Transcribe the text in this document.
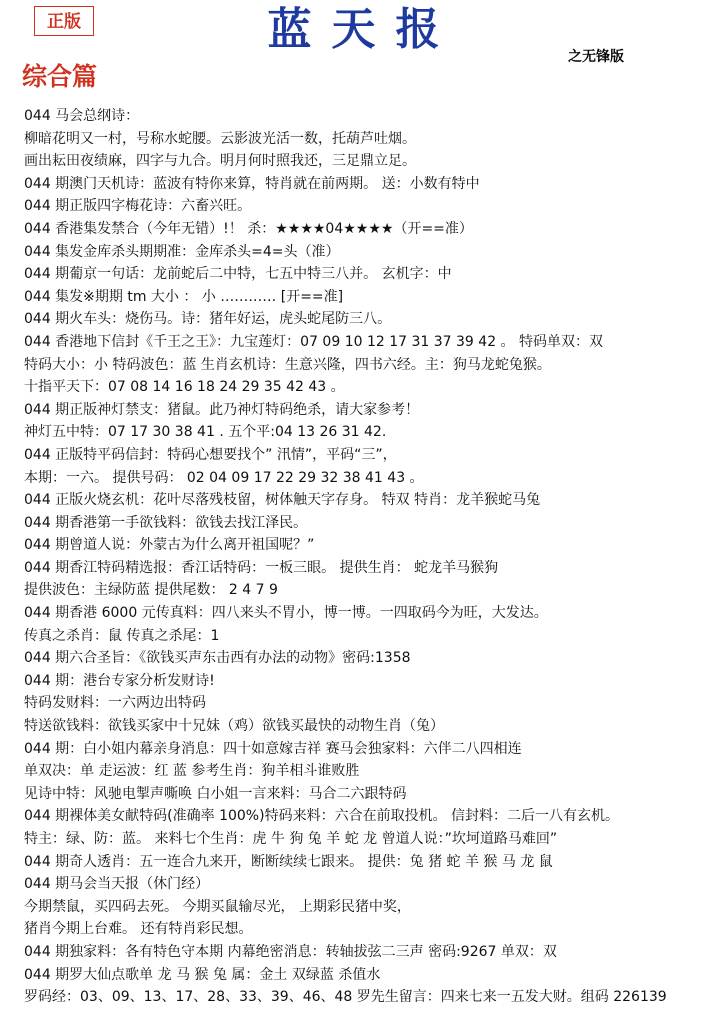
正版	蓝天报
之无锋版
综合篇
044 马会总纲诗：
柳暗花明又一村，号称水蛇腰。云影波光活一数，托葫芦吐烟。
画出耘田夜绩麻，四字与九合。明月何时照我还，三足鼎立足。
044 期澳门天机诗：蓝波有特你来算，特肖就在前两期。 送：小数有特中
044 期正版四字梅花诗：六畜兴旺。
044 香港集发禁合（今年无错）!！ 杀：★★★★04★★★★（开==准）
044 集发金库杀头期期准：金库杀头=4=头（准）
044 期葡京一句话：龙前蛇后二中特，七五中特三八并。 玄机字：中
044 集发※期期 tm 大小 ： 小 ………… [开==准]
044 期火车头：烧伤马。诗：猪年好运，虎头蛇尾防三八。
044 香港地下信封《千王之王》：九宝莲灯：07 09 10 12 17 31 37 39 42 。 特码单双：双
特码大小：小 特码波色：蓝 生肖玄机诗：生意兴隆，四书六经。主：狗马龙蛇兔猴。
十指平天下：07 08 14 16 18 24 29 35 42 43 。
044 期正版神灯禁支：猪鼠。此乃神灯特码绝杀，请大家参考！
神灯五中特：07 17 30 38 41 . 五个平:04 13 26 31 42.
044 正版特平码信封：特码心想要找个” 汛情”，平码“三”，
本期：一六。 提供号码： 02 04 09 17 22 29 32 38 41 43 。
044 正版火烧玄机：花叶尽落残枝留，树体触天字存身。 特双 特肖：龙羊猴蛇马兔
044 期香港第一手欲钱料：欲钱去找江泽民。
044 期曾道人说：外蒙古为什么离开祖国呢？”
044 期香江特码精选报：香江话特码：一板三眼。 提供生肖： 蛇龙羊马猴狗
提供波色：主绿防蓝 提供尾数： 2 4 7 9
044 期香港 6000 元传真料：四八来头不胃小，博一博。一四取码今为旺，大发达。
传真之杀肖：鼠 传真之杀尾：1
044 期六合圣旨：《欲钱买声东击西有办法的动物》密码:1358
044 期：港台专家分析发财诗!
特码发财料：一六两边出特码
特送欲钱料：欲钱买家中十兄妹（鸡）欲钱买最快的动物生肖（兔）
044 期：白小姐内幕亲身消息：四十如意嫁吉祥 赛马会独家料：六伴二八四相连
单双决：单 走运波：红 蓝 参考生肖：狗羊相斗谁败胜
见诗中特：风驰电掣声嘶唤 白小姐一言来料：马合二六跟特码
044 期裸体美女献特码(准确率 100%)特码来料：六合在前取投机。 信封料：二后一八有玄机。
特主：绿、防：蓝。 来料七个生肖：虎 牛 狗 兔 羊 蛇 龙 曾道人说：”坎坷道路马难回”
044 期奇人透肖：五一连合九来开，断断续续七跟来。 提供：兔 猪 蛇 羊 猴 马 龙 鼠
044 期马会当天报（休门经）
今期禁鼠，买四码去死。 今期买鼠输尽光， 上期彩民猪中奖，
猪肖今期上台难。 还有特肖彩民想。
044 期独家料：各有特色守本期 内幕绝密消息：转轴拔弦二三声 密码:9267 单双：双
044 期罗大仙点歌单 龙 马 猴 兔 属：金土 双绿蓝 杀值水
罗码经：03、09、13、17、28、33、39、46、48 罗先生留言：四来七来一五发大财。组码 226139
